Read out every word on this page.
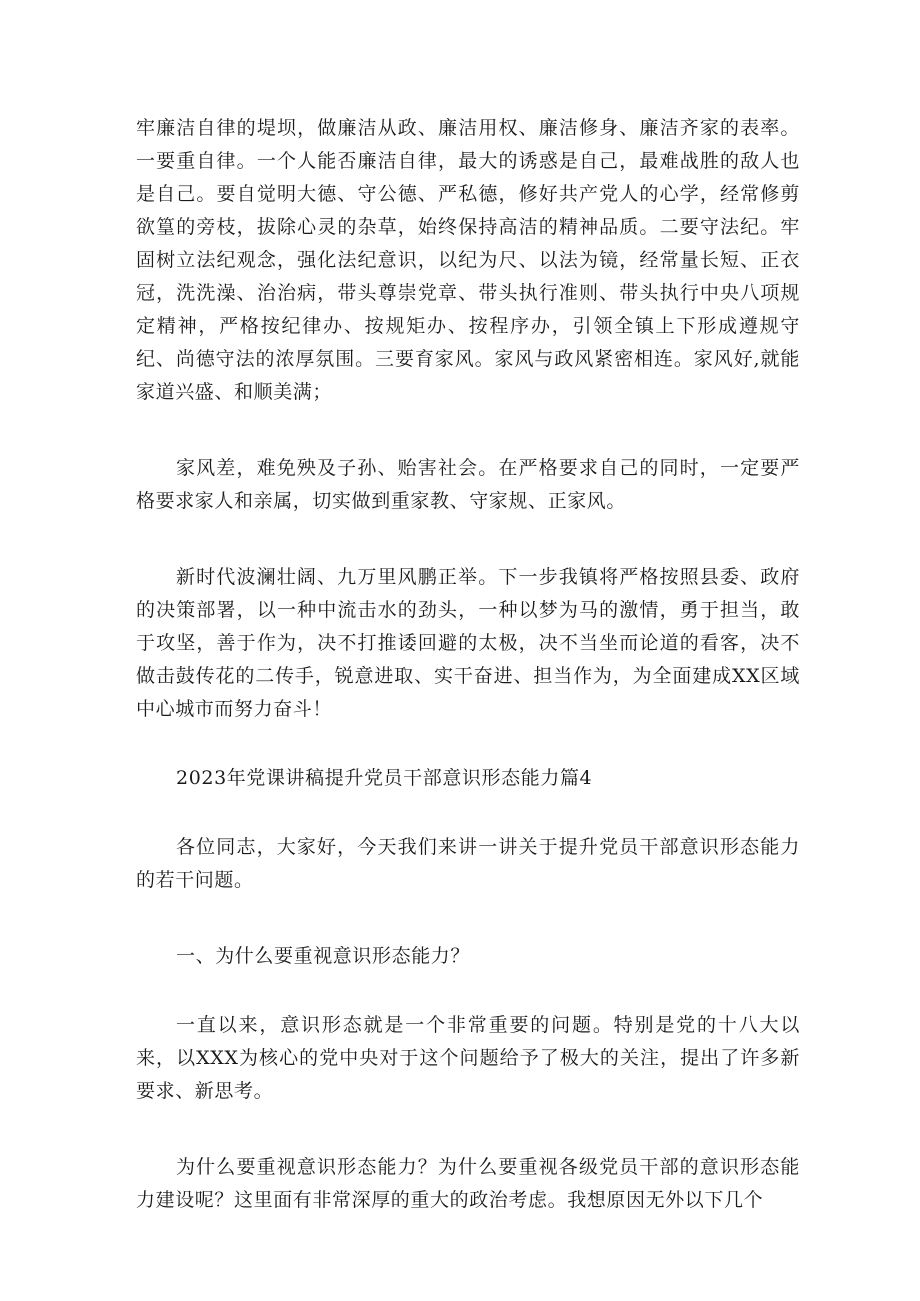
牢廉洁自律的堤坝，做廉洁从政、廉洁用权、廉洁修身、廉洁齐家的表率。一要重自律。一个人能否廉洁自律，最大的诱惑是自己，最难战胜的敌人也是自己。要自觉明大德、守公德、严私德，修好共产党人的心学，经常修剪欲篁的旁枝，拔除心灵的杂草，始终保持高洁的精神品质。二要守法纪。牢固树立法纪观念，强化法纪意识，以纪为尺、以法为镜，经常量长短、正衣冠，洗洗澡、治治病，带头尊崇党章、带头执行准则、带头执行中央八项规定精神，严格按纪律办、按规矩办、按程序办，引领全镇上下形成遵规守纪、尚德守法的浓厚氛围。三要育家风。家风与政风紧密相连。家风好,就能家道兴盛、和顺美满；

家风差，难免殃及子孙、贻害社会。在严格要求自己的同时，一定要严格要求家人和亲属，切实做到重家教、守家规、正家风。

新时代波澜壮阔、九万里风鹏正举。下一步我镇将严格按照县委、政府的决策部署，以一种中流击水的劲头，一种以梦为马的激情，勇于担当，敢于攻坚，善于作为，决不打推诿回避的太极，决不当坐而论道的看客，决不做击鼓传花的二传手，锐意进取、实干奋进、担当作为，为全面建成XX区域中心城市而努力奋斗！

2023年党课讲稿提升党员干部意识形态能力篇4

各位同志，大家好，今天我们来讲一讲关于提升党员干部意识形态能力的若干问题。

一、为什么要重视意识形态能力？

一直以来，意识形态就是一个非常重要的问题。特别是党的十八大以来，以XXX为核心的党中央对于这个问题给予了极大的关注，提出了许多新要求、新思考。

为什么要重视意识形态能力？为什么要重视各级党员干部的意识形态能力建设呢？这里面有非常深厚的重大的政治考虑。我想原因无外以下几个
